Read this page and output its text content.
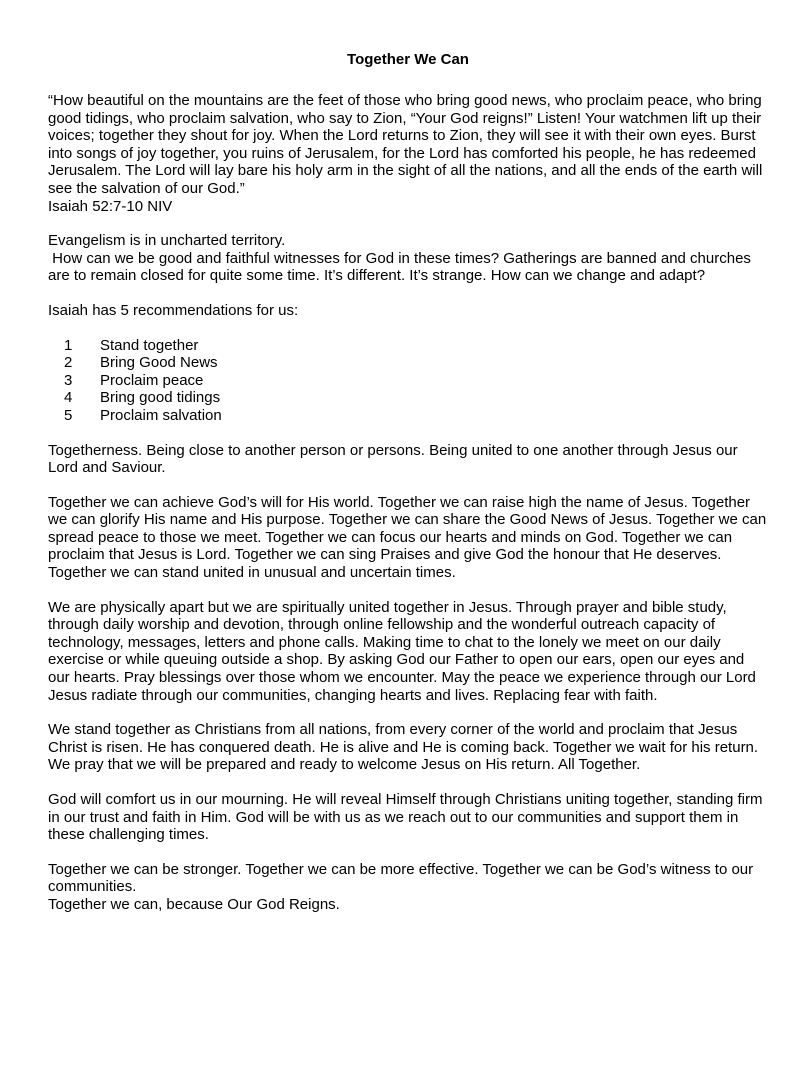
Together We Can

“How beautiful on the mountains are the feet of those who bring good news, who proclaim peace, who bring good tidings, who proclaim salvation, who say to Zion, “Your God reigns!” Listen! Your watchmen lift up their voices; together they shout for joy. When the Lord returns to Zion, they will see it with their own eyes. Burst into songs of joy together, you ruins of Jerusalem, for the Lord has comforted his people, he has redeemed Jerusalem. The Lord will lay bare his holy arm in the sight of all the nations, and all the ends of the earth will see the salvation of our God.”
Isaiah 52:7-10 NIV

Evangelism is in uncharted territory.
How can we be good and faithful witnesses for God in these times? Gatherings are banned and churches are to remain closed for quite some time. It’s different. It’s strange. How can we change and adapt?

Isaiah has 5 recommendations for us:

1	Stand together
2	Bring Good News
3	Proclaim peace
4	Bring good tidings
5	Proclaim salvation

Togetherness. Being close to another person or persons. Being united to one another through Jesus our Lord and Saviour.

Together we can achieve God’s will for His world. Together we can raise high the name of Jesus. Together we can glorify His name and His purpose. Together we can share the Good News of Jesus. Together we can spread peace to those we meet. Together we can focus our hearts and minds on God. Together we can proclaim that Jesus is Lord. Together we can sing Praises and give God the honour that He deserves. Together we can stand united in unusual and uncertain times.

We are physically apart but we are spiritually united together in Jesus. Through prayer and bible study, through daily worship and devotion, through online fellowship and the wonderful outreach capacity of technology, messages, letters and phone calls. Making time to chat to the lonely we meet on our daily exercise or while queuing outside a shop. By asking God our Father to open our ears, open our eyes and our hearts. Pray blessings over those whom we encounter. May the peace we experience through our Lord Jesus radiate through our communities, changing hearts and lives. Replacing fear with faith.

We stand together as Christians from all nations, from every corner of the world and proclaim that Jesus Christ is risen. He has conquered death. He is alive and He is coming back. Together we wait for his return. We pray that we will be prepared and ready to welcome Jesus on His return. All Together.

God will comfort us in our mourning. He will reveal Himself through Christians uniting together, standing firm in our trust and faith in Him. God will be with us as we reach out to our communities and support them in these challenging times.

Together we can be stronger. Together we can be more effective. Together we can be God’s witness to our communities.
Together we can, because Our God Reigns.
